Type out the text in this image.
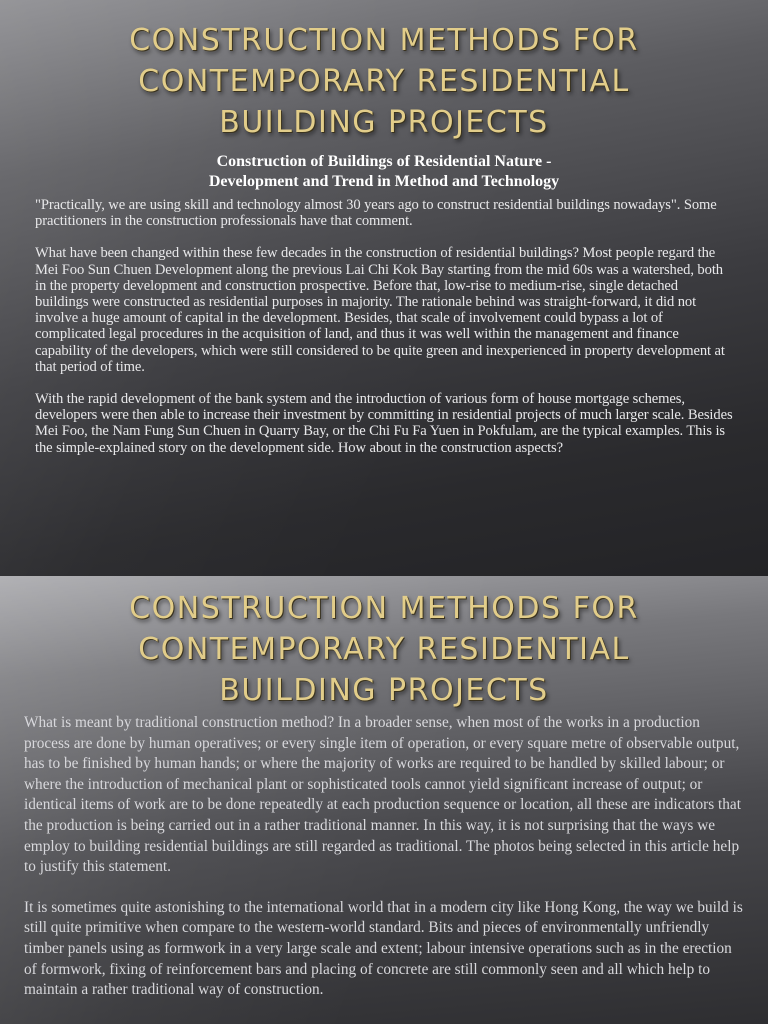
CONSTRUCTION METHODS FOR
CONTEMPORARY RESIDENTIAL
BUILDING PROJECTS
Construction of Buildings of Residential Nature -
Development and Trend in Method and Technology

"Practically, we are using skill and technology almost 30 years ago to construct residential buildings nowadays". Some practitioners in the construction professionals have that comment.

What have been changed within these few decades in the construction of residential buildings? Most people regard the Mei Foo Sun Chuen Development along the previous Lai Chi Kok Bay starting from the mid 60s was a watershed, both in the property development and construction prospective. Before that, low-rise to medium-rise, single detached buildings were constructed as residential purposes in majority. The rationale behind was straight-forward, it did not involve a huge amount of capital in the development. Besides, that scale of involvement could bypass a lot of complicated legal procedures in the acquisition of land, and thus it was well within the management and finance capability of the developers, which were still considered to be quite green and inexperienced in property development at that period of time.

With the rapid development of the bank system and the introduction of various form of house mortgage schemes, developers were then able to increase their investment by committing in residential projects of much larger scale. Besides Mei Foo, the Nam Fung Sun Chuen in Quarry Bay, or the Chi Fu Fa Yuen in Pokfulam, are the typical examples. This is the simple-explained story on the development side. How about in the construction aspects?

CONSTRUCTION METHODS FOR
CONTEMPORARY RESIDENTIAL
BUILDING PROJECTS

What is meant by traditional construction method? In a broader sense, when most of the works in a production process are done by human operatives; or every single item of operation, or every square metre of observable output, has to be finished by human hands; or where the majority of works are required to be handled by skilled labour; or where the introduction of mechanical plant or sophisticated tools cannot yield significant increase of output; or identical items of work are to be done repeatedly at each production sequence or location, all these are indicators that the production is being carried out in a rather traditional manner. In this way, it is not surprising that the ways we employ to building residential buildings are still regarded as traditional. The photos being selected in this article help to justify this statement.

It is sometimes quite astonishing to the international world that in a modern city like Hong Kong, the way we build is still quite primitive when compare to the western-world standard. Bits and pieces of environmentally unfriendly timber panels using as formwork in a very large scale and extent; labour intensive operations such as in the erection of formwork, fixing of reinforcement bars and placing of concrete are still commonly seen and all which help to maintain a rather traditional way of construction.
